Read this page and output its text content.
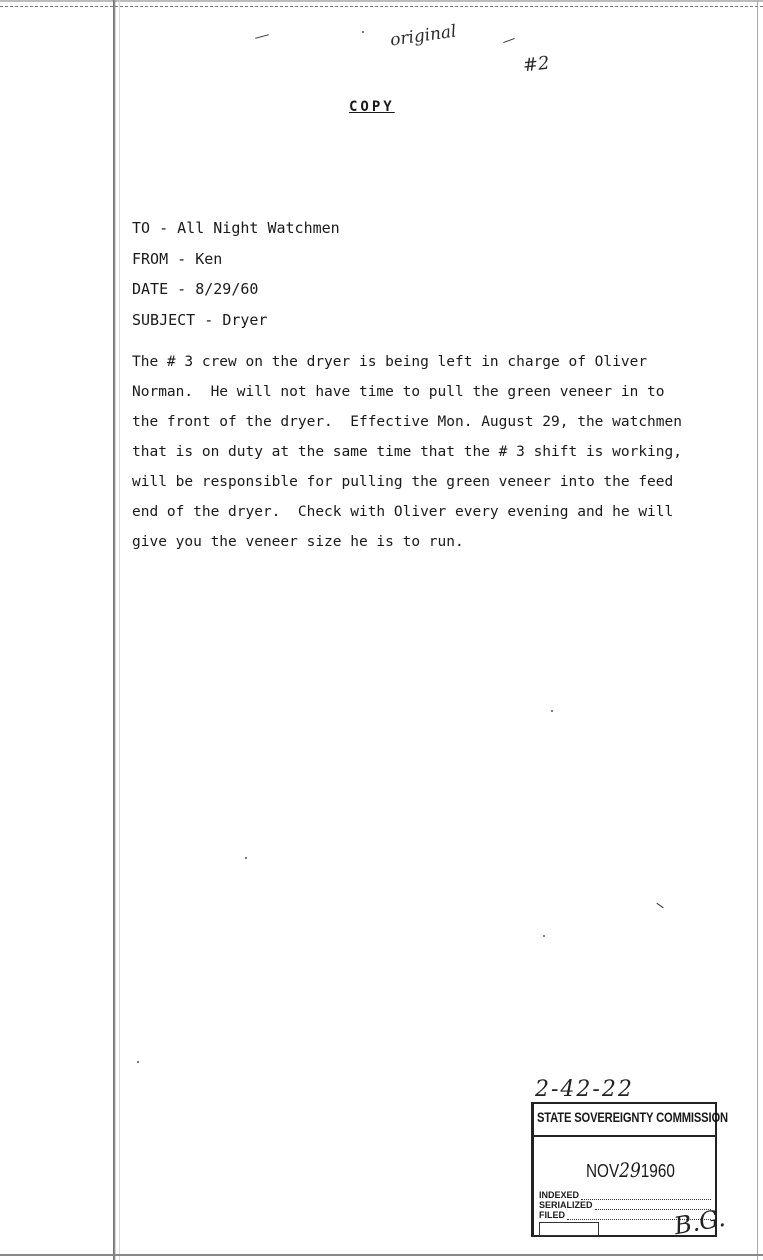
original
#2
COPY
TO - All Night Watchmen
FROM - Ken
DATE - 8/29/60
SUBJECT - Dryer
The # 3 crew on the dryer is being left in charge of Oliver
Norman.  He will not have time to pull the green veneer in to
the front of the dryer.  Effective Mon. August 29, the watchmen
that is on duty at the same time that the # 3 shift is working,
will be responsible for pulling the green veneer into the feed
end of the dryer.  Check with Oliver every evening and he will
give you the veneer size he is to run.
2-42-22
STATE SOVEREIGNTY COMMISSION
NOV291960
INDEXED
SERIALIZED
FILED	B.G.
